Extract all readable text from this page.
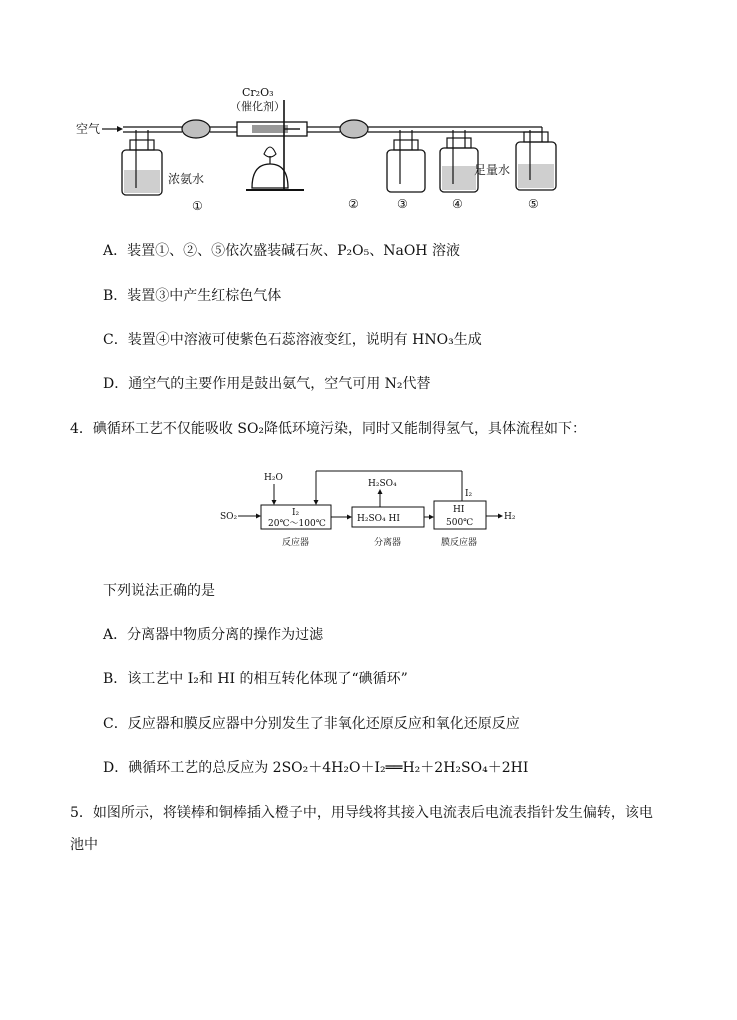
空气
浓氨水
Cr₂O₃
（催化剂）
足量水
①	②	③	④	⑤
A．装置①、②、⑤依次盛装碱石灰、P₂O₅、NaOH 溶液
B．装置③中产生红棕色气体
C．装置④中溶液可使紫色石蕊溶液变红，说明有 HNO₃生成
D．通空气的主要作用是鼓出氨气，空气可用 N₂代替
4．碘循环工艺不仅能吸收 SO₂降低环境污染，同时又能制得氢气，具体流程如下：
SO₂
H₂O
I₂
20℃～100℃
反应器
H₂SO₄ HI
分离器
H₂SO₄
HI
500℃
膜反应器
I₂
H₂
下列说法正确的是
A．分离器中物质分离的操作为过滤
B．该工艺中 I₂和 HI 的相互转化体现了“碘循环”
C．反应器和膜反应器中分别发生了非氧化还原反应和氧化还原反应
D．碘循环工艺的总反应为 2SO₂＋4H₂O＋I₂══H₂＋2H₂SO₄＋2HI
5．如图所示，将镁棒和铜棒插入橙子中，用导线将其接入电流表后电流表指针发生偏转，该电
池中
